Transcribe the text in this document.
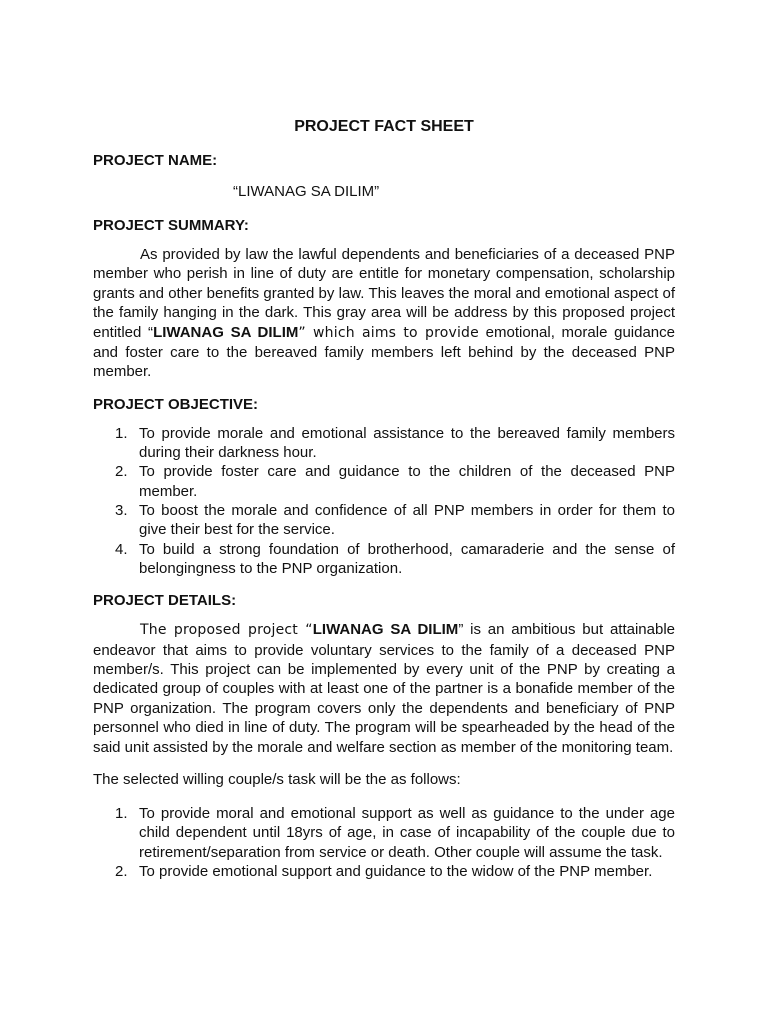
PROJECT FACT SHEET
PROJECT NAME:
“LIWANAG SA DILIM”
PROJECT SUMMARY:
As provided by law the lawful dependents and beneficiaries of a deceased PNP member who perish in line of duty are entitle for monetary compensation, scholarship grants and other benefits granted by law. This leaves the moral and emotional aspect of the family hanging in the dark. This gray area will be address by this proposed project entitled “LIWANAG SA DILIM” which aims to provide emotional, morale guidance and foster care to the bereaved family members left behind by the deceased PNP member.
PROJECT OBJECTIVE:
1. To provide morale and emotional assistance to the bereaved family members during their darkness hour.
2. To provide foster care and guidance to the children of the deceased PNP member.
3. To boost the morale and confidence of all PNP members in order for them to give their best for the service.
4. To build a strong foundation of brotherhood, camaraderie and the sense of belongingness to the PNP organization.
PROJECT DETAILS:
The proposed project “LIWANAG SA DILIM” is an ambitious but attainable endeavor that aims to provide voluntary services to the family of a deceased PNP member/s. This project can be implemented by every unit of the PNP by creating a dedicated group of couples with at least one of the partner is a bonafide member of the PNP organization. The program covers only the dependents and beneficiary of PNP personnel who died in line of duty. The program will be spearheaded by the head of the said unit assisted by the morale and welfare section as member of the monitoring team.
The selected willing couple/s task will be the as follows:
1. To provide moral and emotional support as well as guidance to the under age child dependent until 18yrs of age, in case of incapability of the couple due to retirement/separation from service or death. Other couple will assume the task.
2. To provide emotional support and guidance to the widow of the PNP member.
